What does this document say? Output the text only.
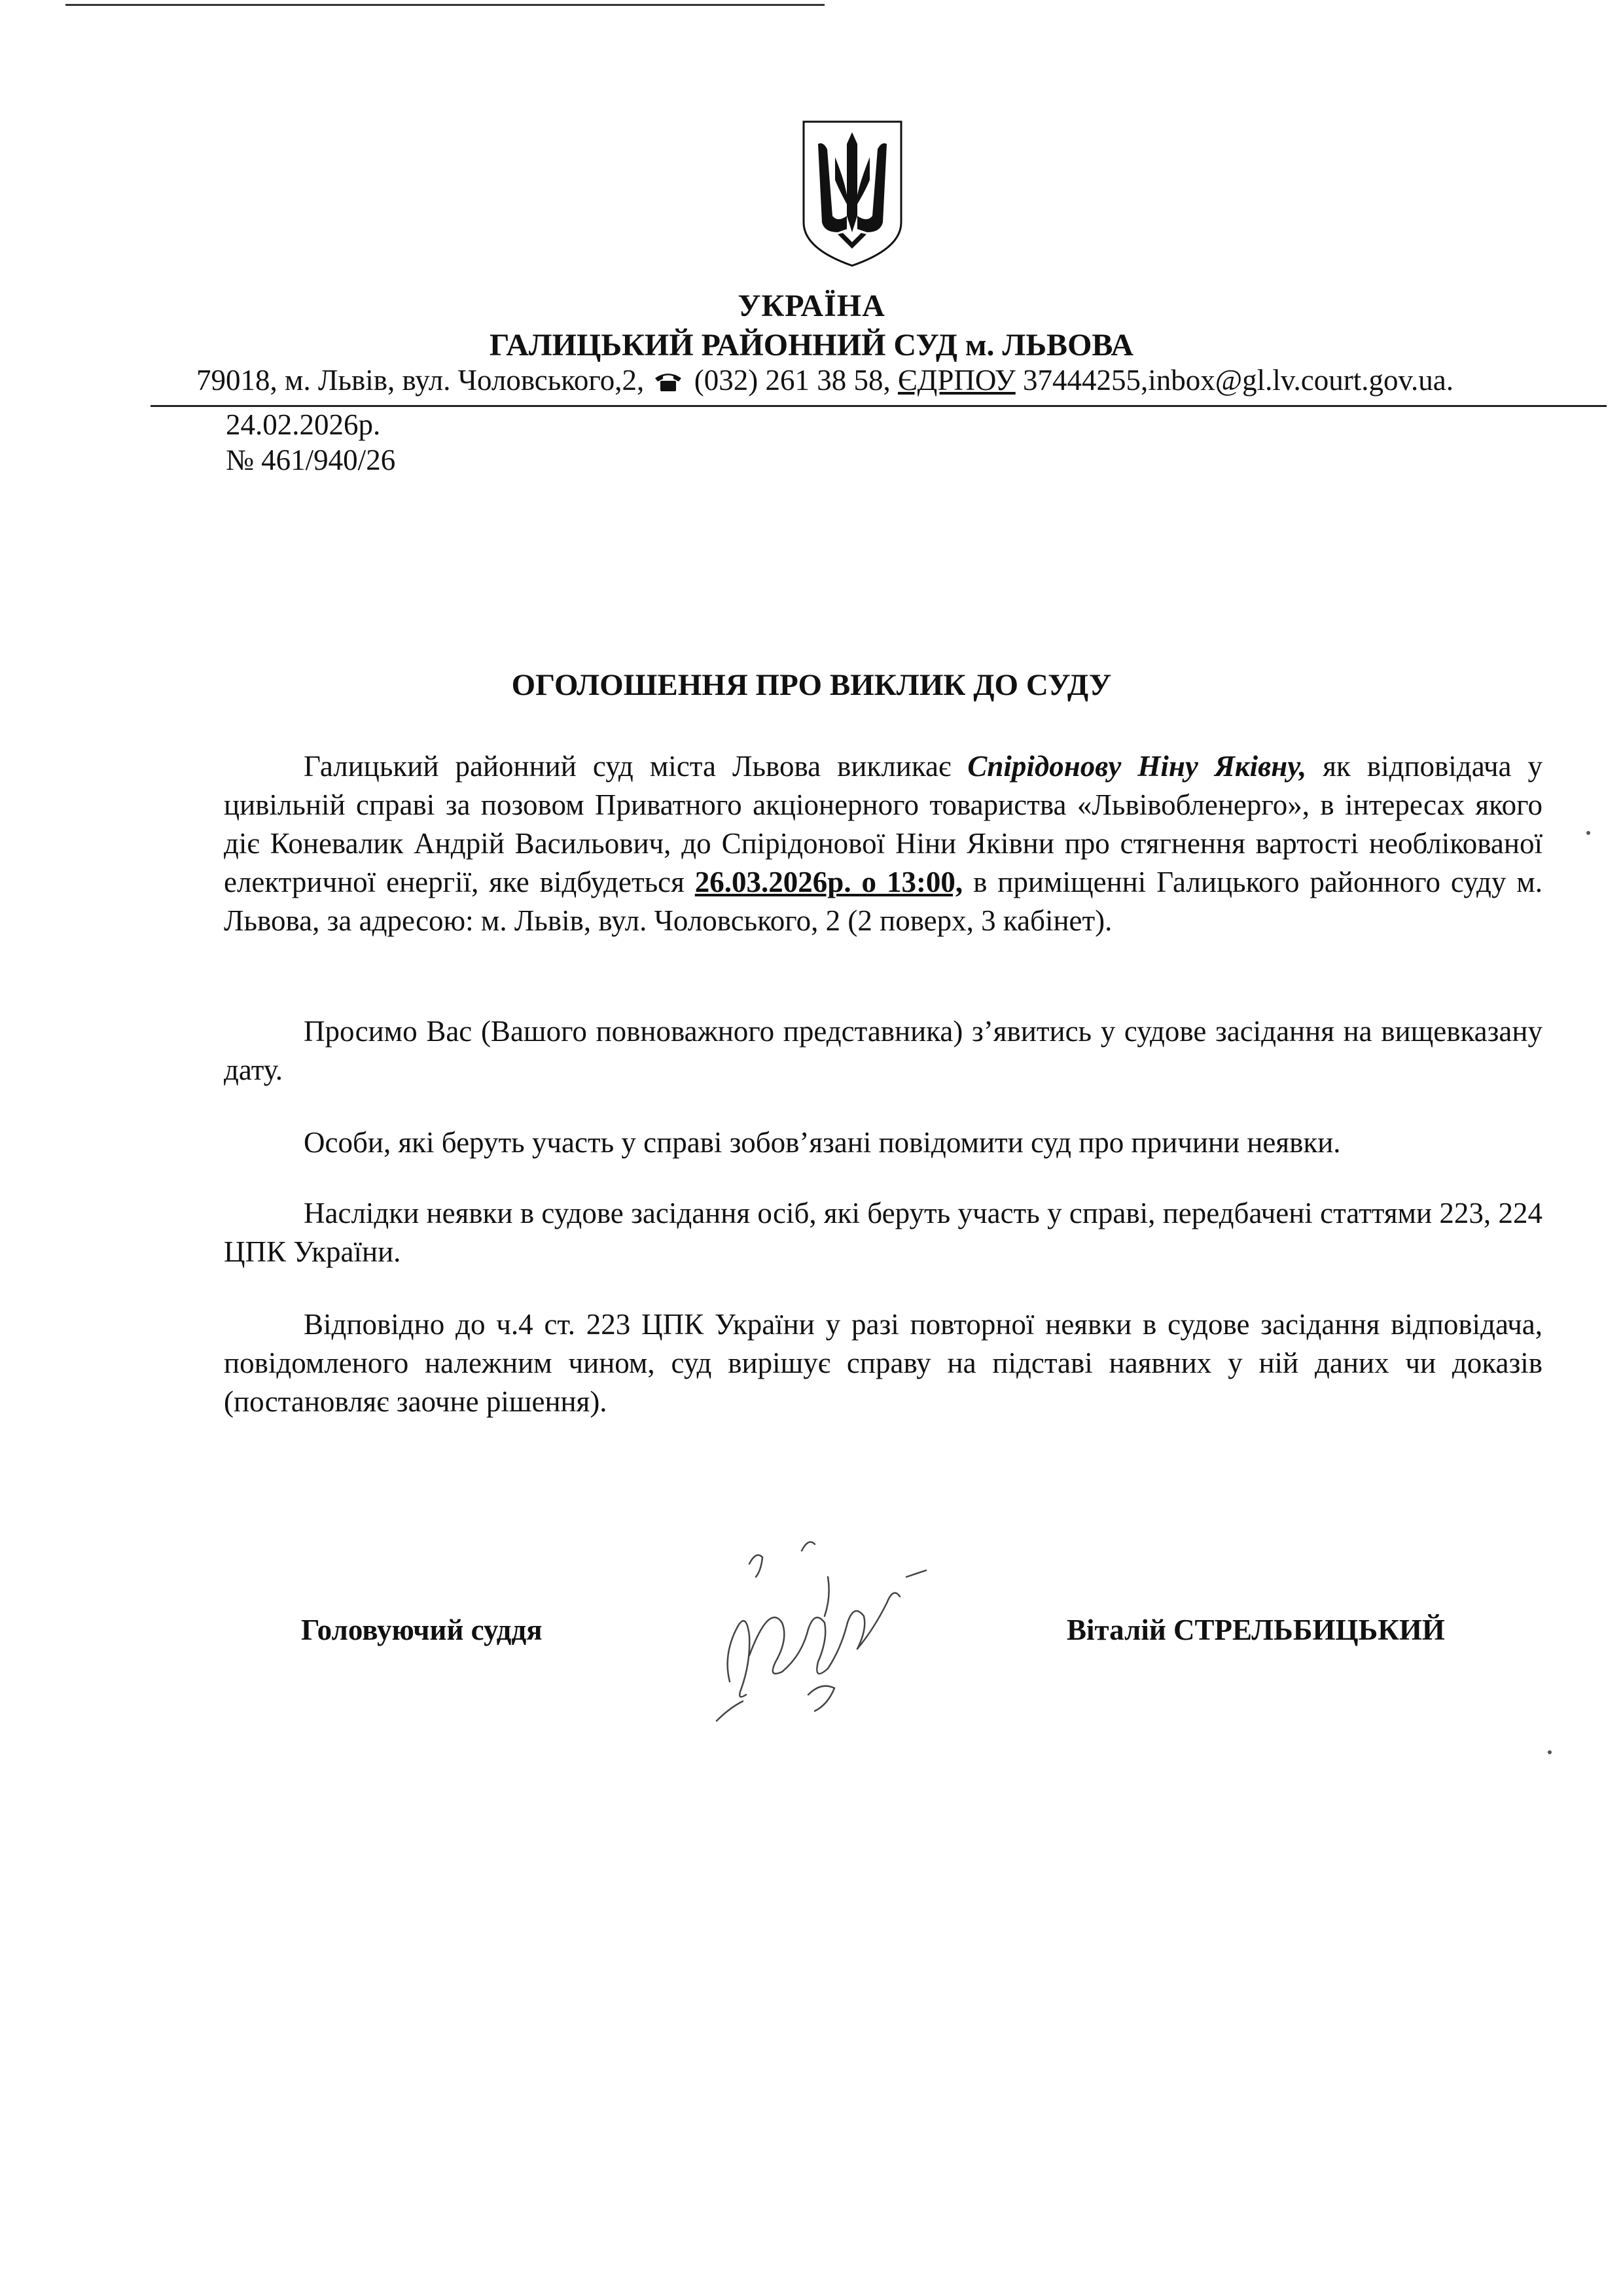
УКРАЇНА
ГАЛИЦЬКИЙ РАЙОННИЙ СУД м. ЛЬВОВА
79018, м. Львів, вул. Чоловського,2, (032) 261 38 58, ЄДРПОУ 37444255,inbox@gl.lv.court.gov.ua.
24.02.2026р.
№ 461/940/26
ОГОЛОШЕННЯ ПРО ВИКЛИК ДО СУДУ
Галицький районний суд міста Львова викликає Спірідонову Ніну Яківну, як відповідача у цивільній справі за позовом Приватного акціонерного товариства «Львівобленерго», в інтересах якого діє Коневалик Андрій Васильович, до Спірідонової Ніни Яківни про стягнення вартості необлікованої електричної енергії, яке відбудеться 26.03.2026р. о 13:00, в приміщенні Галицького районного суду м. Львова, за адресою: м. Львів, вул. Чоловського, 2 (2 поверх, 3 кабінет).
Просимо Вас (Вашого повноважного представника) з’явитись у судове засідання на вищевказану дату.
Особи, які беруть участь у справі зобов’язані повідомити суд про причини неявки.
Наслідки неявки в судове засідання осіб, які беруть участь у справі, передбачені статтями 223, 224 ЦПК України.
Відповідно до ч.4 ст. 223 ЦПК України у разі повторної неявки в судове засідання відповідача, повідомленого належним чином, суд вирішує справу на підставі наявних у ній даних чи доказів (постановляє заочне рішення).
Головуючий суддя	Віталій СТРЕЛЬБИЦЬКИЙ
